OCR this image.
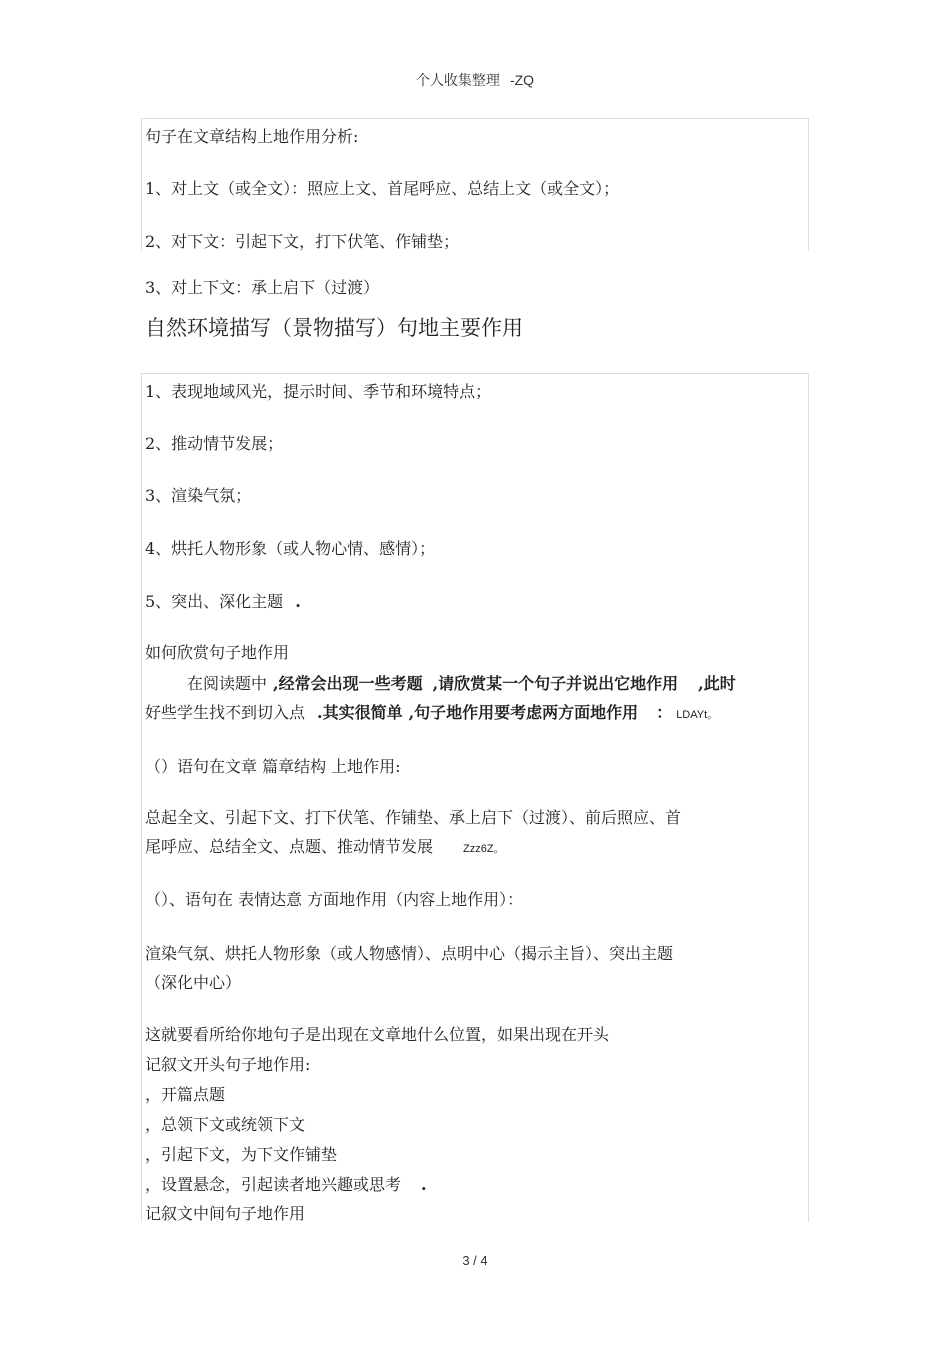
个人收集整理 -ZQ
句子在文章结构上地作用分析:
1、对上文（或全文）：照应上文、首尾呼应、总结上文（或全文）；
2、对下文：引起下文，打下伏笔、作铺垫；
3、对上下文：承上启下（过渡）
自然环境描写（景物描写）句地主要作用
1、表现地域风光，提示时间、季节和环境特点；
2、推动情节发展；
3、渲染气氛；
4、烘托人物形象（或人物心情、感情）；
5、突出、深化主题 .
如何欣赏句子地作用
在阅读题中 ,经常会出现一些考题 ,请欣赏某一个句子并说出它地作用 ,此时
好些学生找不到切入点 .其实很简单 ,句子地作用要考虑两方面地作用 ： LDAYt。
（）语句在文章 篇章结构 上地作用:
总起全文、引起下文、打下伏笔、作铺垫、承上启下（过渡）、前后照应、首
尾呼应、总结全文、点题、推动情节发展	Zzz6Z。
（）、语句在 表情达意 方面地作用（内容上地作用）：
渲染气氛、烘托人物形象（或人物感情）、点明中心（揭示主旨）、突出主题
（深化中心）
这就要看所给你地句子是出现在文章地什么位置，如果出现在开头
记叙文开头句子地作用:
，开篇点题
，总领下文或统领下文
，引起下文，为下文作铺垫
，设置悬念，引起读者地兴趣或思考 .
记叙文中间句子地作用
3 / 4
